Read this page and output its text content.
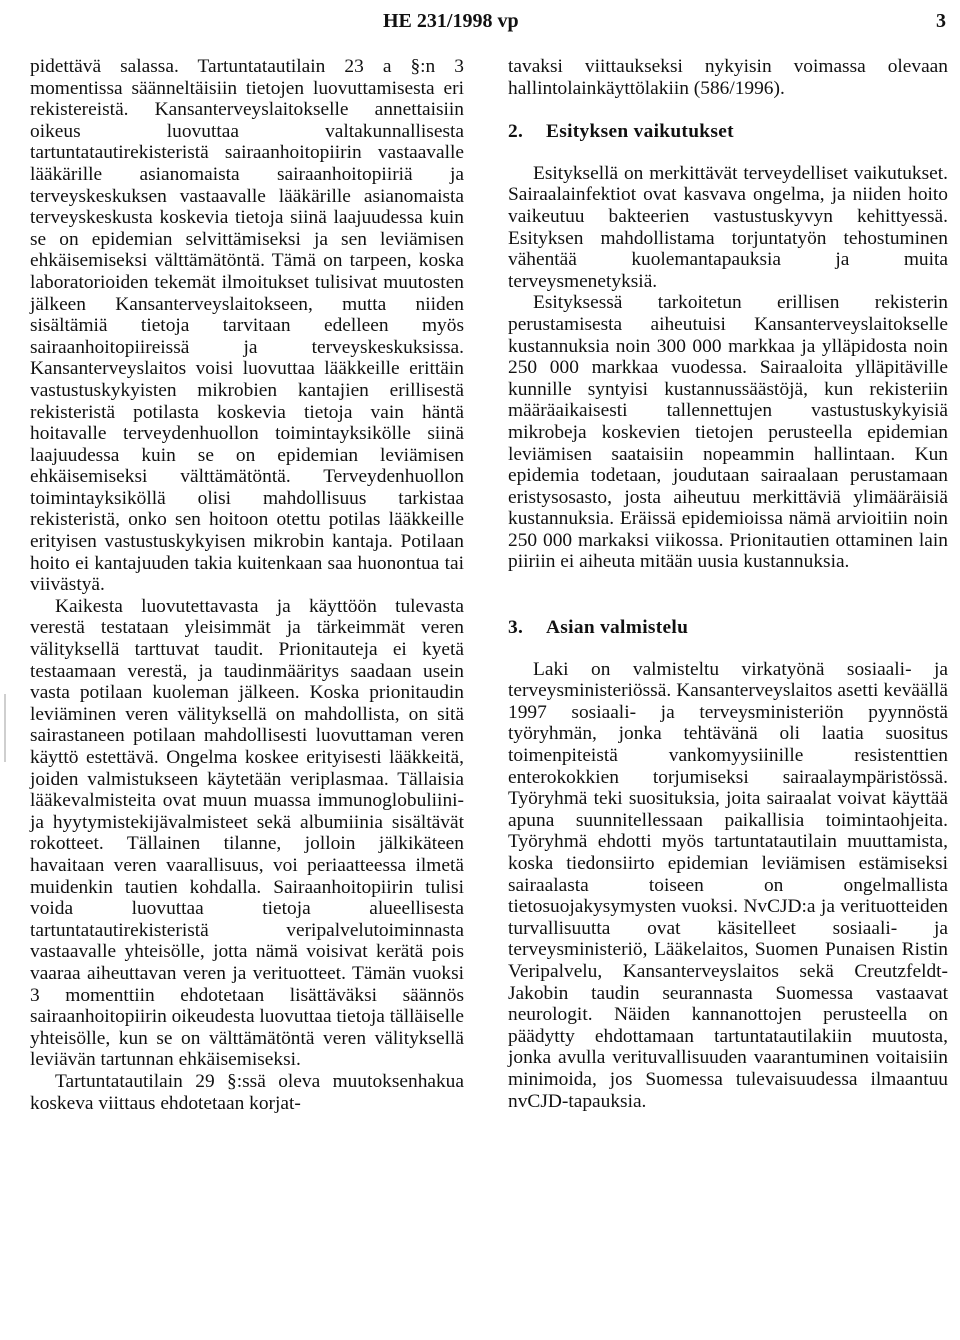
HE 231/1998 vp	3

pidettävä salassa. Tartuntatautilain 23 a §:n 3 momentissa säänneltäisiin tietojen luovuttamisesta eri rekistereistä. Kansanterveyslaitokselle annettaisiin oikeus luovuttaa valtakunnallisesta tartuntatautirekisteristä sairaanhoitopiirin vastaavalle lääkärille asianomaista sairaanhoitopiiriä ja terveyskeskuksen vastaavalle lääkärille asianomaista terveyskeskusta koskevia tietoja siinä laajuudessa kuin se on epidemian selvittämiseksi ja sen leviämisen ehkäisemiseksi välttämätöntä. Tämä on tarpeen, koska laboratorioiden tekemät ilmoitukset tulisivat muutosten jälkeen Kansanterveyslaitokseen, mutta niiden sisältämiä tietoja tarvitaan edelleen myös sairaanhoitopiireissä ja terveyskeskuksissa. Kansanterveyslaitos voisi luovuttaa lääkkeille erittäin vastustuskykyisten mikrobien kantajien erillisestä rekisteristä potilasta koskevia tietoja vain häntä hoitavalle terveydenhuollon toimintayksikölle siinä laajuudessa kuin se on epidemian leviämisen ehkäisemiseksi välttämätöntä. Terveydenhuollon toimintayksiköllä olisi mahdollisuus tarkistaa rekisteristä, onko sen hoitoon otettu potilas lääkkeille erityisen vastustuskykyisen mikrobin kantaja. Potilaan hoito ei kantajuuden takia kuitenkaan saa huonontua tai viivästyä.

Kaikesta luovutettavasta ja käyttöön tulevasta verestä testataan yleisimmät ja tärkeimmät veren välityksellä tarttuvat taudit. Prionitauteja ei kyetä testaamaan verestä, ja taudinmääritys saadaan usein vasta potilaan kuoleman jälkeen. Koska prionitaudin leviäminen veren välityksellä on mahdollista, on sitä sairastaneen potilaan mahdollisesti luovuttaman veren käyttö estettävä. Ongelma koskee erityisesti lääkkeitä, joiden valmistukseen käytetään veriplasmaa. Tällaisia lääkevalmisteita ovat muun muassa immunoglobuliini- ja hyytymistekijävalmisteet sekä albumiinia sisältävät rokotteet. Tällainen tilanne, jolloin jälkikäteen havaitaan veren vaarallisuus, voi periaatteessa ilmetä muidenkin tautien kohdalla. Sairaanhoitopiirin tulisi voida luovuttaa tietoja alueellisesta tartuntatautirekisteristä veripalvelutoiminnasta vastaavalle yhteisölle, jotta nämä voisivat kerätä pois vaaraa aiheuttavan veren ja verituotteet. Tämän vuoksi 3 momenttiin ehdotetaan lisättäväksi säännös sairaanhoitopiirin oikeudesta luovuttaa tietoja tälläiselle yhteisölle, kun se on välttämätöntä veren välityksellä leviävän tartunnan ehkäisemiseksi.

Tartuntatautilain 29 §:ssä oleva muutoksenhakua koskeva viittaus ehdotetaan korjat-

tavaksi viittaukseksi nykyisin voimassa olevaan hallintolainkäyttölakiin (586/1996).

2. Esityksen vaikutukset

Esityksellä on merkittävät terveydelliset vaikutukset. Sairaalainfektiot ovat kasvava ongelma, ja niiden hoito vaikeutuu bakteerien vastustuskyvyn kehittyessä. Esityksen mahdollistama torjuntatyön tehostuminen vähentää kuolemantapauksia ja muita terveysmenetyksiä.

Esityksessä tarkoitetun erillisen rekisterin perustamisesta aiheutuisi Kansanterveyslaitokselle kustannuksia noin 300 000 markkaa ja ylläpidosta noin 250 000 markkaa vuodessa. Sairaaloita ylläpitäville kunnille syntyisi kustannussäästöjä, kun rekisteriin määräaikaisesti tallennettujen vastustuskykyisiä mikrobeja koskevien tietojen perusteella epidemian leviämisen saataisiin nopeammin hallintaan. Kun epidemia todetaan, joudutaan sairaalaan perustamaan eristysosasto, josta aiheutuu merkittäviä ylimääräisiä kustannuksia. Eräissä epidemioissa nämä arvioitiin noin 250 000 markaksi viikossa. Prionitautien ottaminen lain piiriin ei aiheuta mitään uusia kustannuksia.

3. Asian valmistelu

Laki on valmisteltu virkatyönä sosiaali- ja terveysministeriössä. Kansanterveyslaitos asetti keväällä 1997 sosiaali- ja terveysministeriön pyynnöstä työryhmän, jonka tehtävänä oli laatia suositus toimenpiteistä vankomyysiinille resistenttien enterokokkien torjumiseksi sairaalaympäristössä. Työryhmä teki suosituksia, joita sairaalat voivat käyttää apuna suunnitellessaan paikallisia toimintaohjeita. Työryhmä ehdotti myös tartuntatautilain muuttamista, koska tiedonsiirto epidemian leviämisen estämiseksi sairaalasta toiseen on ongelmallista tietosuojakysymysten vuoksi. NvCJD:a ja verituotteiden turvallisuutta ovat käsitelleet sosiaali- ja terveysministeriö, Lääkelaitos, Suomen Punaisen Ristin Veripalvelu, Kansanterveyslaitos sekä Creutzfeldt-Jakobin taudin seurannasta Suomessa vastaavat neurologit. Näiden kannanottojen perusteella on päädytty ehdottamaan tartuntatautilakiin muutosta, jonka avulla verituvallisuuden vaarantuminen voitaisiin minimoida, jos Suomessa tulevaisuudessa ilmaantuu nvCJD-tapauksia.
